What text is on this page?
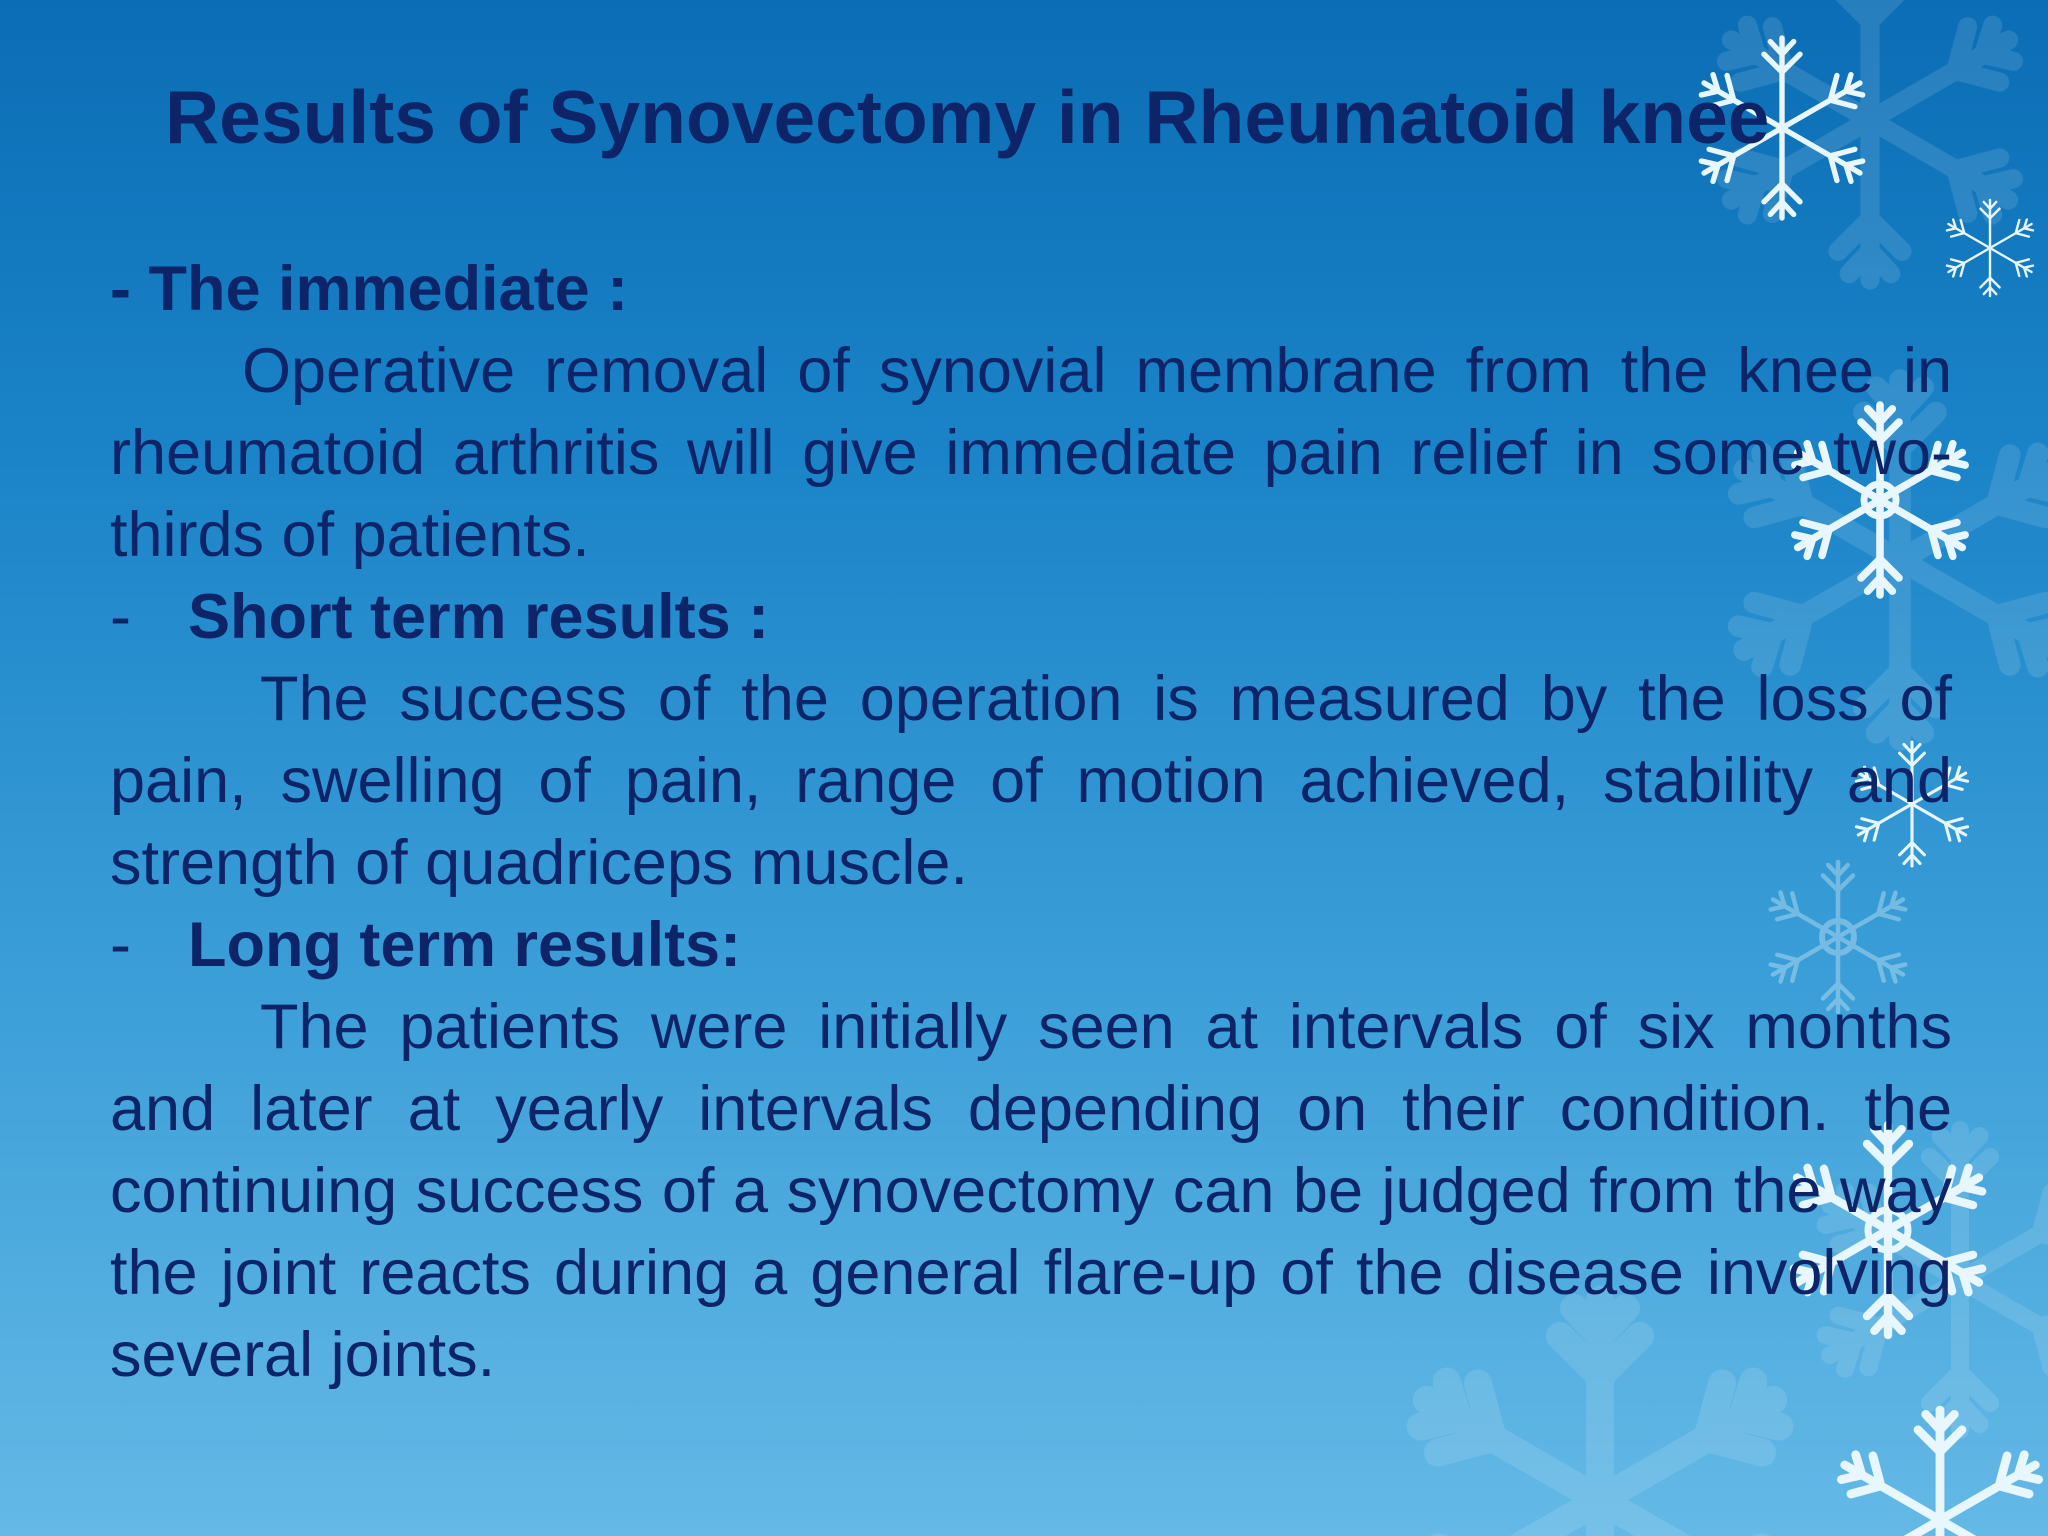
Results of Synovectomy in Rheumatoid knee
- The immediate :

Operative removal of synovial membrane from the knee in rheumatoid arthritis will give immediate pain relief in some two-thirds of patients.

- Short term results :

The success of the operation is measured by the loss of pain, swelling of pain, range of motion achieved, stability and strength of quadriceps muscle.

- Long term results:

The patients were initially seen at intervals of six months and later at yearly intervals depending on their condition. the continuing success of a synovectomy can be judged from the way the joint reacts during a general flare-up of the disease involving several joints.
